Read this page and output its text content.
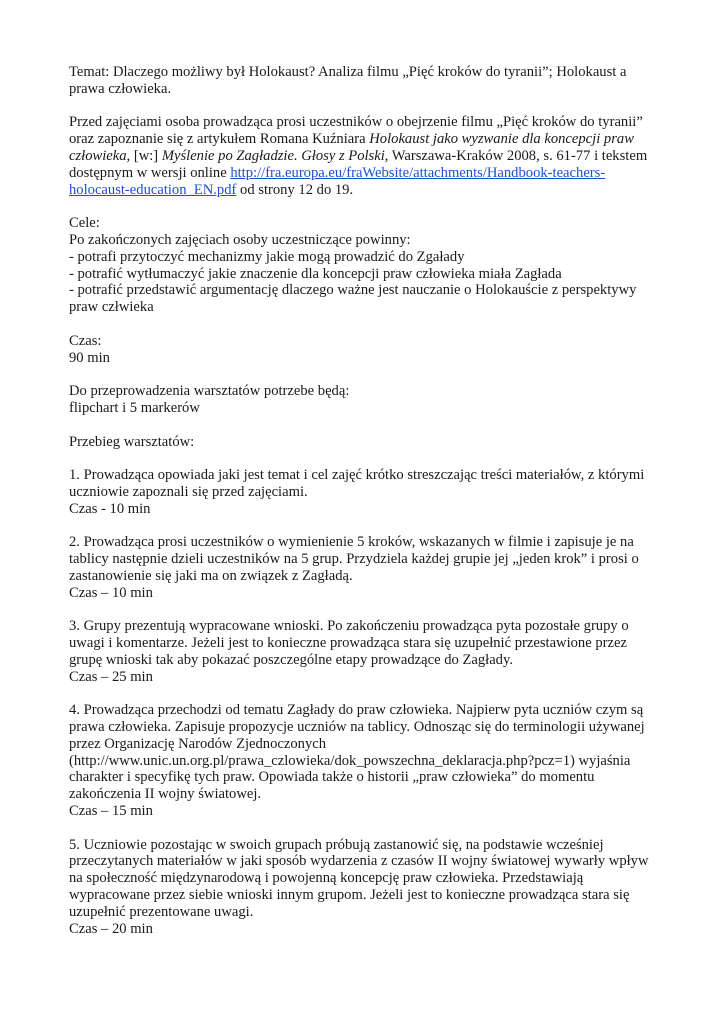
Temat: Dlaczego możliwy był Holokaust? Analiza filmu „Pięć kroków do tyranii”; Holokaust a
prawa człowieka.
Przed zajęciami osoba prowadząca prosi uczestników o obejrzenie filmu „Pięć kroków do tyranii”
oraz zapoznanie się z artykułem Romana Kuźniara Holokaust jako wyzwanie dla koncepcji praw
człowieka, [w:] Myślenie po Zagładzie. Głosy z Polski, Warszawa-Kraków 2008, s. 61-77 i tekstem
dostępnym w wersji online http://fra.europa.eu/fraWebsite/attachments/Handbook-teachers-
holocaust-education_EN.pdf od strony 12 do 19.
Cele:
Po zakończonych zajęciach osoby uczestniczące powinny:
- potrafi przytoczyć mechanizmy jakie mogą prowadzić do Zgałady
- potrafić wytłumaczyć jakie znaczenie dla koncepcji praw człowieka miała Zagłada
- potrafić przedstawić argumentację dlaczego ważne jest nauczanie o Holokauście z perspektywy
praw człwieka
Czas:
90 min
Do przeprowadzenia warsztatów potrzebe będą:
flipchart i 5 markerów
Przebieg warsztatów:
1. Prowadząca opowiada jaki jest temat i cel zajęć krótko streszczając treści materiałów, z którymi
uczniowie zapoznali się przed zajęciami.
Czas - 10 min
2. Prowadząca prosi uczestników o wymienienie 5 kroków, wskazanych w filmie i zapisuje je na
tablicy następnie dzieli uczestników na 5 grup. Przydziela każdej grupie jej „jeden krok” i prosi o
zastanowienie się jaki ma on związek z Zagładą.
Czas – 10 min
3. Grupy prezentują wypracowane wnioski. Po zakończeniu prowadząca pyta pozostałe grupy o
uwagi i komentarze. Jeżeli jest to konieczne prowadząca stara się uzupełnić przestawione przez
grupę wnioski tak aby pokazać poszczególne etapy prowadzące do Zagłady.
Czas – 25 min
4. Prowadząca przechodzi od tematu Zagłady do praw człowieka. Najpierw pyta uczniów czym są
prawa człowieka. Zapisuje propozycje uczniów na tablicy. Odnosząc się do terminologii używanej
przez Organizację Narodów Zjednoczonych
(http://www.unic.un.org.pl/prawa_czlowieka/dok_powszechna_deklaracja.php?pcz=1) wyjaśnia
charakter i specyfikę tych praw. Opowiada także o historii „praw człowieka” do momentu
zakończenia II wojny światowej.
Czas – 15 min
5. Uczniowie pozostając w swoich grupach próbują zastanowić się, na podstawie wcześniej
przeczytanych materiałów w jaki sposób wydarzenia z czasów II wojny światowej wywarły wpływ
na społeczność międzynarodową i powojenną koncepcję praw człowieka. Przedstawiają
wypracowane przez siebie wnioski innym grupom. Jeżeli jest to konieczne prowadząca stara się
uzupełnić prezentowane uwagi.
Czas – 20 min
